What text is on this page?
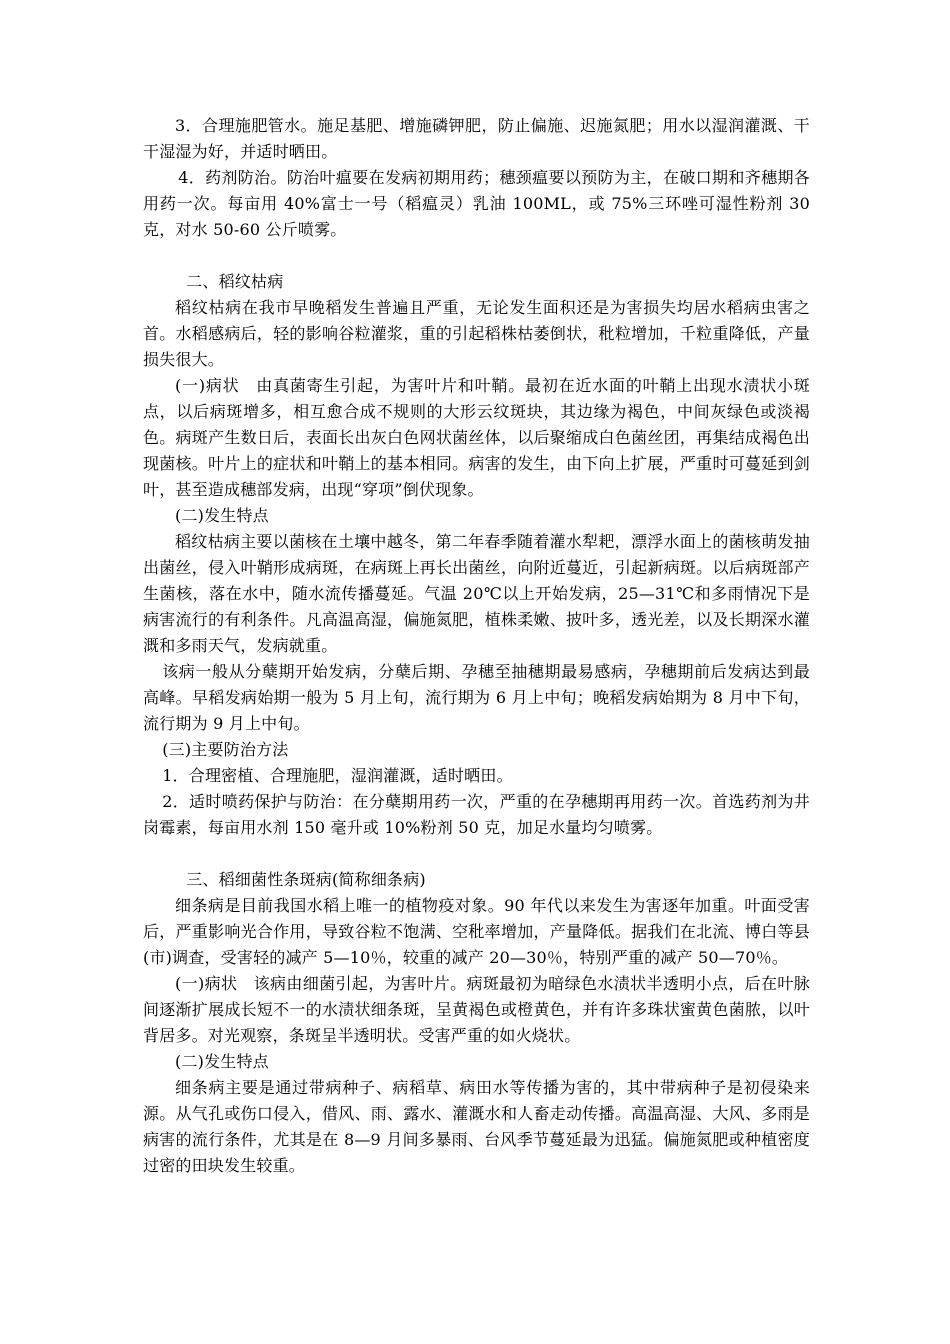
3．合理施肥管水。施足基肥、增施磷钾肥，防止偏施、迟施氮肥；用水以湿润灌溉、干干湿湿为好，并适时晒田。

4．药剂防治。防治叶瘟要在发病初期用药；穗颈瘟要以预防为主，在破口期和齐穗期各用药一次。每亩用 40%富士一号（稻瘟灵）乳油 100ML，或 75%三环唑可湿性粉剂 30 克，对水 50-60 公斤喷雾。

二、稻纹枯病

稻纹枯病在我市早晚稻发生普遍且严重，无论发生面积还是为害损失均居水稻病虫害之首。水稻感病后，轻的影响谷粒灌浆，重的引起稻株枯萎倒状，秕粒增加，千粒重降低，产量损失很大。

(一)病状　由真菌寄生引起，为害叶片和叶鞘。最初在近水面的叶鞘上出现水渍状小斑点，以后病斑增多，相互愈合成不规则的大形云纹斑块，其边缘为褐色，中间灰绿色或淡褐色。病斑产生数日后，表面长出灰白色网状菌丝体，以后聚缩成白色菌丝团，再集结成褐色出现菌核。叶片上的症状和叶鞘上的基本相同。病害的发生，由下向上扩展，严重时可蔓延到剑叶，甚至造成穗部发病，出现“穿项”倒伏现象。

(二)发生特点

稻纹枯病主要以菌核在土壤中越冬，第二年春季随着灌水犁耙，漂浮水面上的菌核萌发抽出菌丝，侵入叶鞘形成病斑，在病斑上再长出菌丝，向附近蔓近，引起新病斑。以后病斑部产生菌核，落在水中，随水流传播蔓延。气温 20℃以上开始发病，25—31℃和多雨情况下是病害流行的有利条件。凡高温高湿，偏施氮肥，植株柔嫩、披叶多，透光差，以及长期深水灌溉和多雨天气，发病就重。

该病一般从分蘖期开始发病，分蘖后期、孕穗至抽穗期最易感病，孕穗期前后发病达到最高峰。早稻发病始期一般为 5 月上旬，流行期为 6 月上中旬；晚稻发病始期为 8 月中下旬，流行期为 9 月上中旬。

(三)主要防治方法

1．合理密植、合理施肥，湿润灌溉，适时晒田。

2．适时喷药保护与防治：在分蘖期用药一次，严重的在孕穗期再用药一次。首选药剂为井岗霉素，每亩用水剂 150 毫升或 10%粉剂 50 克，加足水量均匀喷雾。

三、稻细菌性条斑病(简称细条病)

细条病是目前我国水稻上唯一的植物疫对象。90 年代以来发生为害逐年加重。叶面受害后，严重影响光合作用，导致谷粒不饱满、空秕率增加，产量降低。据我们在北流、博白等县(市)调查，受害轻的减产 5—10％，较重的减产 20—30％，特别严重的减产 50—70％。

(一)病状　该病由细菌引起，为害叶片。病斑最初为暗绿色水渍状半透明小点，后在叶脉间逐渐扩展成长短不一的水渍状细条斑，呈黄褐色或橙黄色，并有许多珠状蜜黄色菌脓，以叶背居多。对光观察，条斑呈半透明状。受害严重的如火烧状。

(二)发生特点

细条病主要是通过带病种子、病稻草、病田水等传播为害的，其中带病种子是初侵染来源。从气孔或伤口侵入，借风、雨、露水、灌溉水和人畜走动传播。高温高湿、大风、多雨是病害的流行条件，尤其是在 8—9 月间多暴雨、台风季节蔓延最为迅猛。偏施氮肥或种植密度过密的田块发生较重。
